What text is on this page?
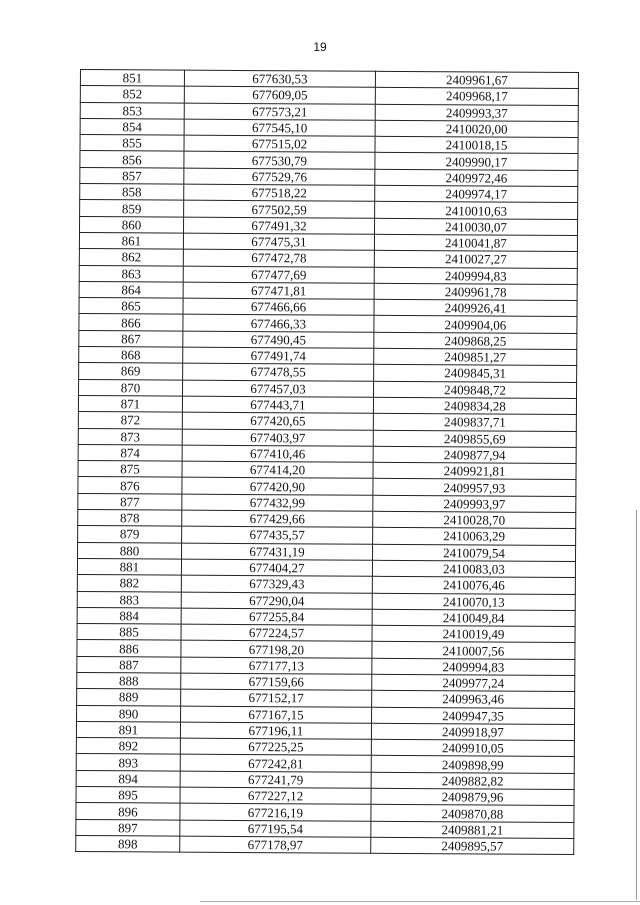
19
851	677630,53	2409961,67
852	677609,05	2409968,17
853	677573,21	2409993,37
854	677545,10	2410020,00
855	677515,02	2410018,15
856	677530,79	2409990,17
857	677529,76	2409972,46
858	677518,22	2409974,17
859	677502,59	2410010,63
860	677491,32	2410030,07
861	677475,31	2410041,87
862	677472,78	2410027,27
863	677477,69	2409994,83
864	677471,81	2409961,78
865	677466,66	2409926,41
866	677466,33	2409904,06
867	677490,45	2409868,25
868	677491,74	2409851,27
869	677478,55	2409845,31
870	677457,03	2409848,72
871	677443,71	2409834,28
872	677420,65	2409837,71
873	677403,97	2409855,69
874	677410,46	2409877,94
875	677414,20	2409921,81
876	677420,90	2409957,93
877	677432,99	2409993,97
878	677429,66	2410028,70
879	677435,57	2410063,29
880	677431,19	2410079,54
881	677404,27	2410083,03
882	677329,43	2410076,46
883	677290,04	2410070,13
884	677255,84	2410049,84
885	677224,57	2410019,49
886	677198,20	2410007,56
887	677177,13	2409994,83
888	677159,66	2409977,24
889	677152,17	2409963,46
890	677167,15	2409947,35
891	677196,11	2409918,97
892	677225,25	2409910,05
893	677242,81	2409898,99
894	677241,79	2409882,82
895	677227,12	2409879,96
896	677216,19	2409870,88
897	677195,54	2409881,21
898	677178,97	2409895,57
